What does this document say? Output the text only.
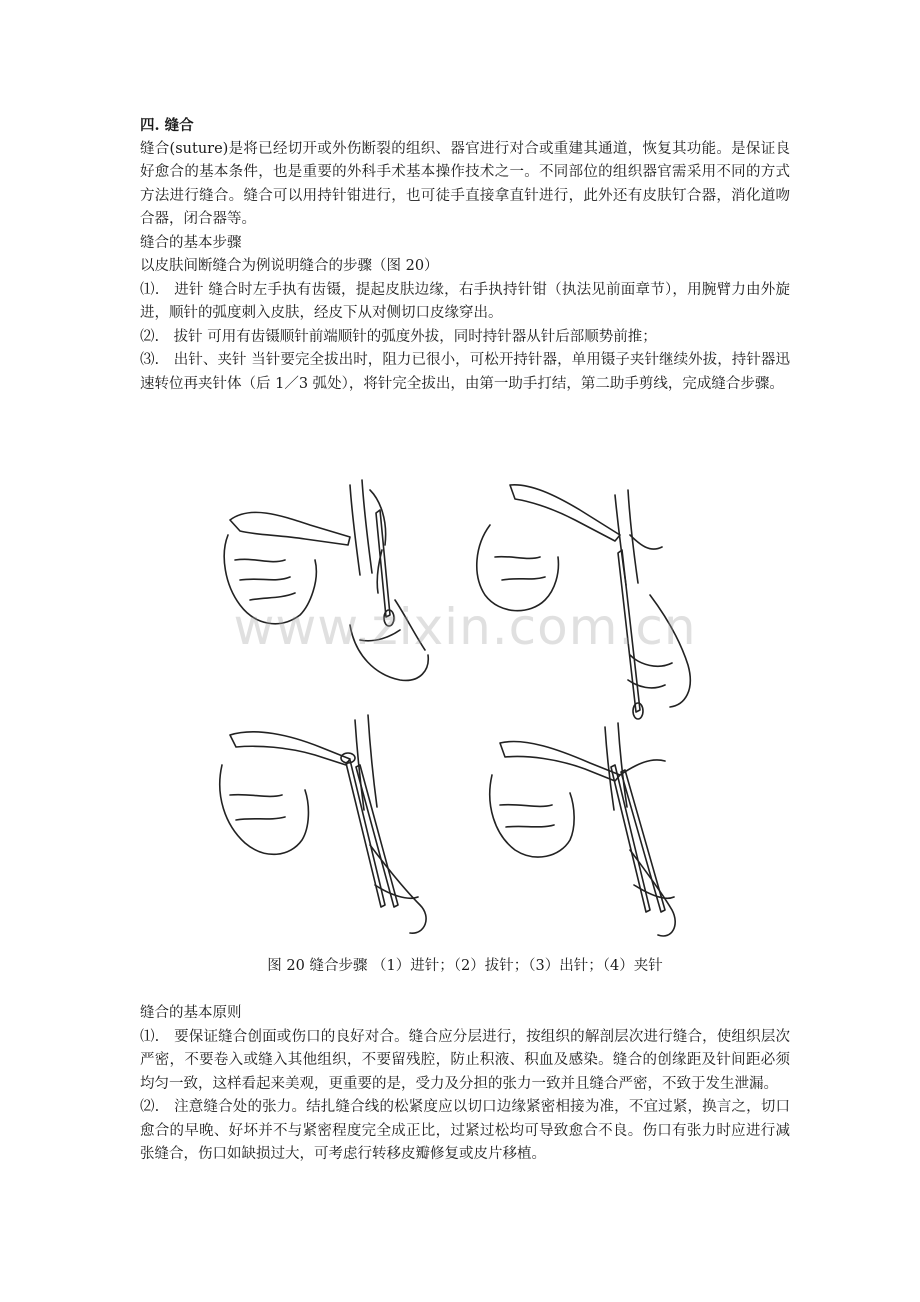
四. 缝合
缝合(suture)是将已经切开或外伤断裂的组织、器官进行对合或重建其通道，恢复其功能。是保证良好愈合的基本条件，也是重要的外科手术基本操作技术之一。不同部位的组织器官需采用不同的方式方法进行缝合。缝合可以用持针钳进行，也可徒手直接拿直针进行，此外还有皮肤钉合器，消化道吻合器，闭合器等。
缝合的基本步骤
以皮肤间断缝合为例说明缝合的步骤（图 20）
⑴.　进针 缝合时左手执有齿镊，提起皮肤边缘，右手执持针钳（执法见前面章节），用腕臂力由外旋进，顺针的弧度刺入皮肤，经皮下从对侧切口皮缘穿出。
⑵.　拔针 可用有齿镊顺针前端顺针的弧度外拔，同时持针器从针后部顺势前推；
⑶.　出针、夹针 当针要完全拔出时，阻力已很小，可松开持针器，单用镊子夹针继续外拔，持针器迅速转位再夹针体（后 1／3 弧处），将针完全拔出，由第一助手打结，第二助手剪线，完成缝合步骤。
www.zixin.com.cn
图 20 缝合步骤 （1）进针；（2）拔针；（3）出针；（4）夹针
缝合的基本原则
⑴.　要保证缝合创面或伤口的良好对合。缝合应分层进行，按组织的解剖层次进行缝合，使组织层次严密，不要卷入或缝入其他组织，不要留残腔，防止积液、积血及感染。缝合的创缘距及针间距必须均匀一致，这样看起来美观，更重要的是，受力及分担的张力一致并且缝合严密，不致于发生泄漏。
⑵.　注意缝合处的张力。结扎缝合线的松紧度应以切口边缘紧密相接为准，不宜过紧，换言之，切口愈合的早晚、好坏并不与紧密程度完全成正比，过紧过松均可导致愈合不良。伤口有张力时应进行减张缝合，伤口如缺损过大，可考虑行转移皮瓣修复或皮片移植。
